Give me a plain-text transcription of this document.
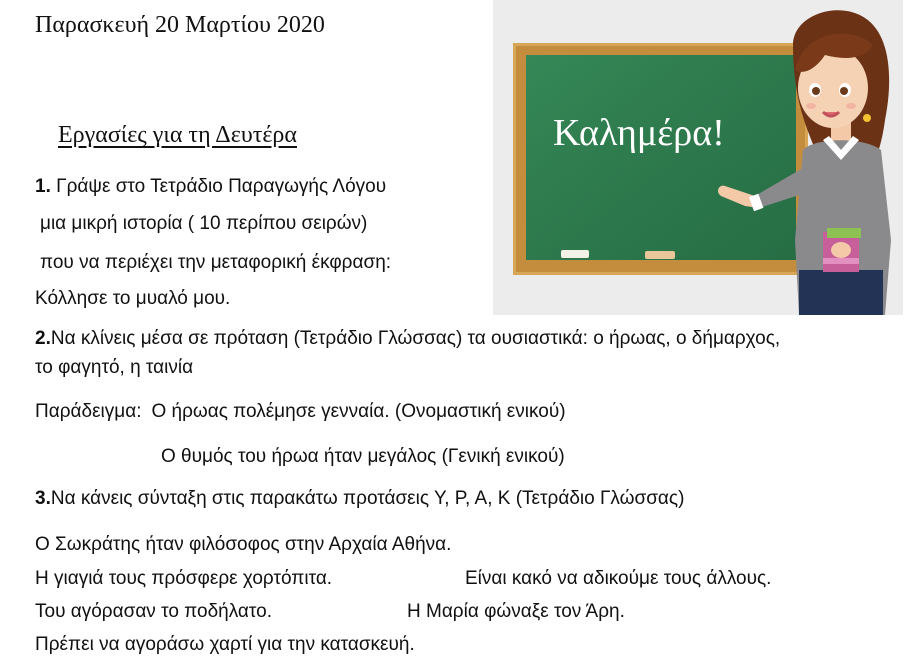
Παρασκευή 20 Μαρτίου 2020
Εργασίες για τη Δευτέρα	Καλημέρα!
1. Γράψε στο Τετράδιο Παραγωγής Λόγου
μια μικρή ιστορία ( 10 περίπου σειρών)
που να περιέχει την μεταφορική έκφραση:
Κόλλησε το μυαλό μου.
2.Να κλίνεις μέσα σε πρόταση (Τετράδιο Γλώσσας) τα ουσιαστικά: ο ήρωας, ο δήμαρχος,
το φαγητό, η ταινία
Παράδειγμα: Ο ήρωας πολέμησε γενναία. (Ονομαστική ενικού)
Ο θυμός του ήρωα ήταν μεγάλος (Γενική ενικού)
3.Να κάνεις σύνταξη στις παρακάτω προτάσεις Υ, Ρ, Α, Κ (Τετράδιο Γλώσσας)
Ο Σωκράτης ήταν φιλόσοφος στην Αρχαία Αθήνα.
Η γιαγιά τους πρόσφερε χορτόπιτα.	Είναι κακό να αδικούμε τους άλλους.
Του αγόρασαν το ποδήλατο.	Η Μαρία φώναξε τον Άρη.
Πρέπει να αγοράσω χαρτί για την κατασκευή.
